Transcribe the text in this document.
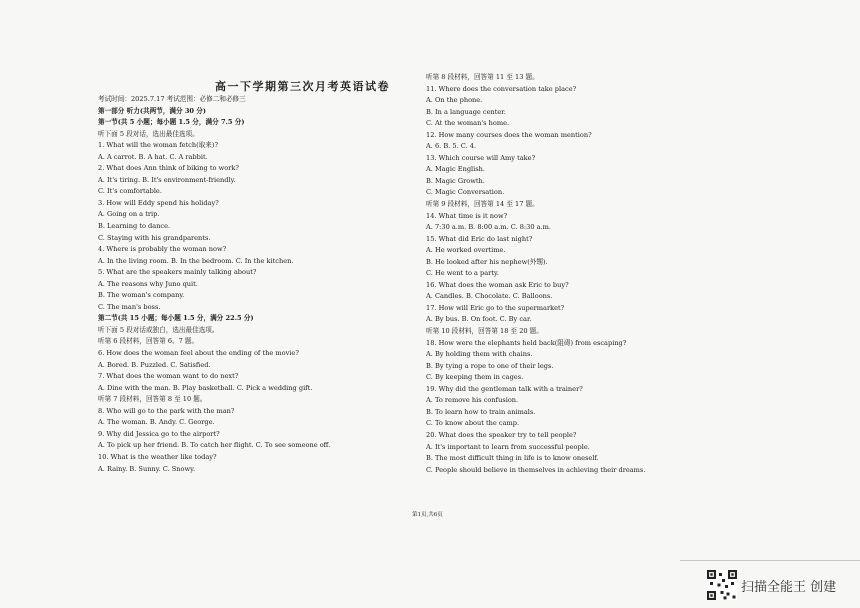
高一下学期第三次月考英语试卷
考试时间：2025.7.17 考试范围：必修二和必修三
第一部分 听力(共两节，满分 30 分)
第一节(共 5 小题；每小题 1.5 分，满分 7.5 分)
听下面 5 段对话，选出最佳选项。
1. What will the woman fetch(取来)?
A. A carrot. B. A hat. C. A rabbit.
2. What does Ann think of biking to work?
A. It's tiring. B. It's environment-friendly.
C. It's comfortable.
3. How will Eddy spend his holiday?
A. Going on a trip.
B. Learning to dance.
C. Staying with his grandparents.
4. Where is probably the woman now?
A. In the living room. B. In the bedroom. C. In the kitchen.
5. What are the speakers mainly talking about?
A. The reasons why Juno quit.
B. The woman's company.
C. The man's boss.
第二节(共 15 小题；每小题 1.5 分，满分 22.5 分)
听下面 5 段对话或独白，选出最佳选项。
听第 6 段材料，回答第 6、7 题。
6. How does the woman feel about the ending of the movie?
A. Bored. B. Puzzled. C. Satisfied.
7. What does the woman want to do next?
A. Dine with the man. B. Play basketball. C. Pick a wedding gift.
听第 7 段材料，回答第 8 至 10 题。
8. Who will go to the park with the man?
A. The woman. B. Andy. C. George.
9. Why did Jessica go to the airport?
A. To pick up her friend. B. To catch her flight. C. To see someone off.
10. What is the weather like today?
A. Rainy. B. Sunny. C. Snowy.
听第 8 段材料，回答第 11 至 13 题。
11. Where does the conversation take place?
A. On the phone.
B. In a language center.
C. At the woman's home.
12. How many courses does the woman mention?
A. 6. B. 5. C. 4.
13. Which course will Amy take?
A. Magic English.
B. Magic Growth.
C. Magic Conversation.
听第 9 段材料，回答第 14 至 17 题。
14. What time is it now?
A. 7:30 a.m. B. 8:00 a.m. C. 8:30 a.m.
15. What did Eric do last night?
A. He worked overtime.
B. He looked after his nephew(外甥).
C. He went to a party.
16. What does the woman ask Eric to buy?
A. Candles. B. Chocolate. C. Balloons.
17. How will Eric go to the supermarket?
A. By bus. B. On foot. C. By car.
听第 10 段材料，回答第 18 至 20 题。
18. How were the elephants held back(阻碍) from escaping?
A. By holding them with chains.
B. By tying a rope to one of their legs.
C. By keeping them in cages.
19. Why did the gentleman talk with a trainer?
A. To remove his confusion.
B. To learn how to train animals.
C. To know about the camp.
20. What does the speaker try to tell people?
A. It's important to learn from successful people.
B. The most difficult thing in life is to know oneself.
C. People should believe in themselves in achieving their dreams.
第1页,共6页
扫描全能王 创建
